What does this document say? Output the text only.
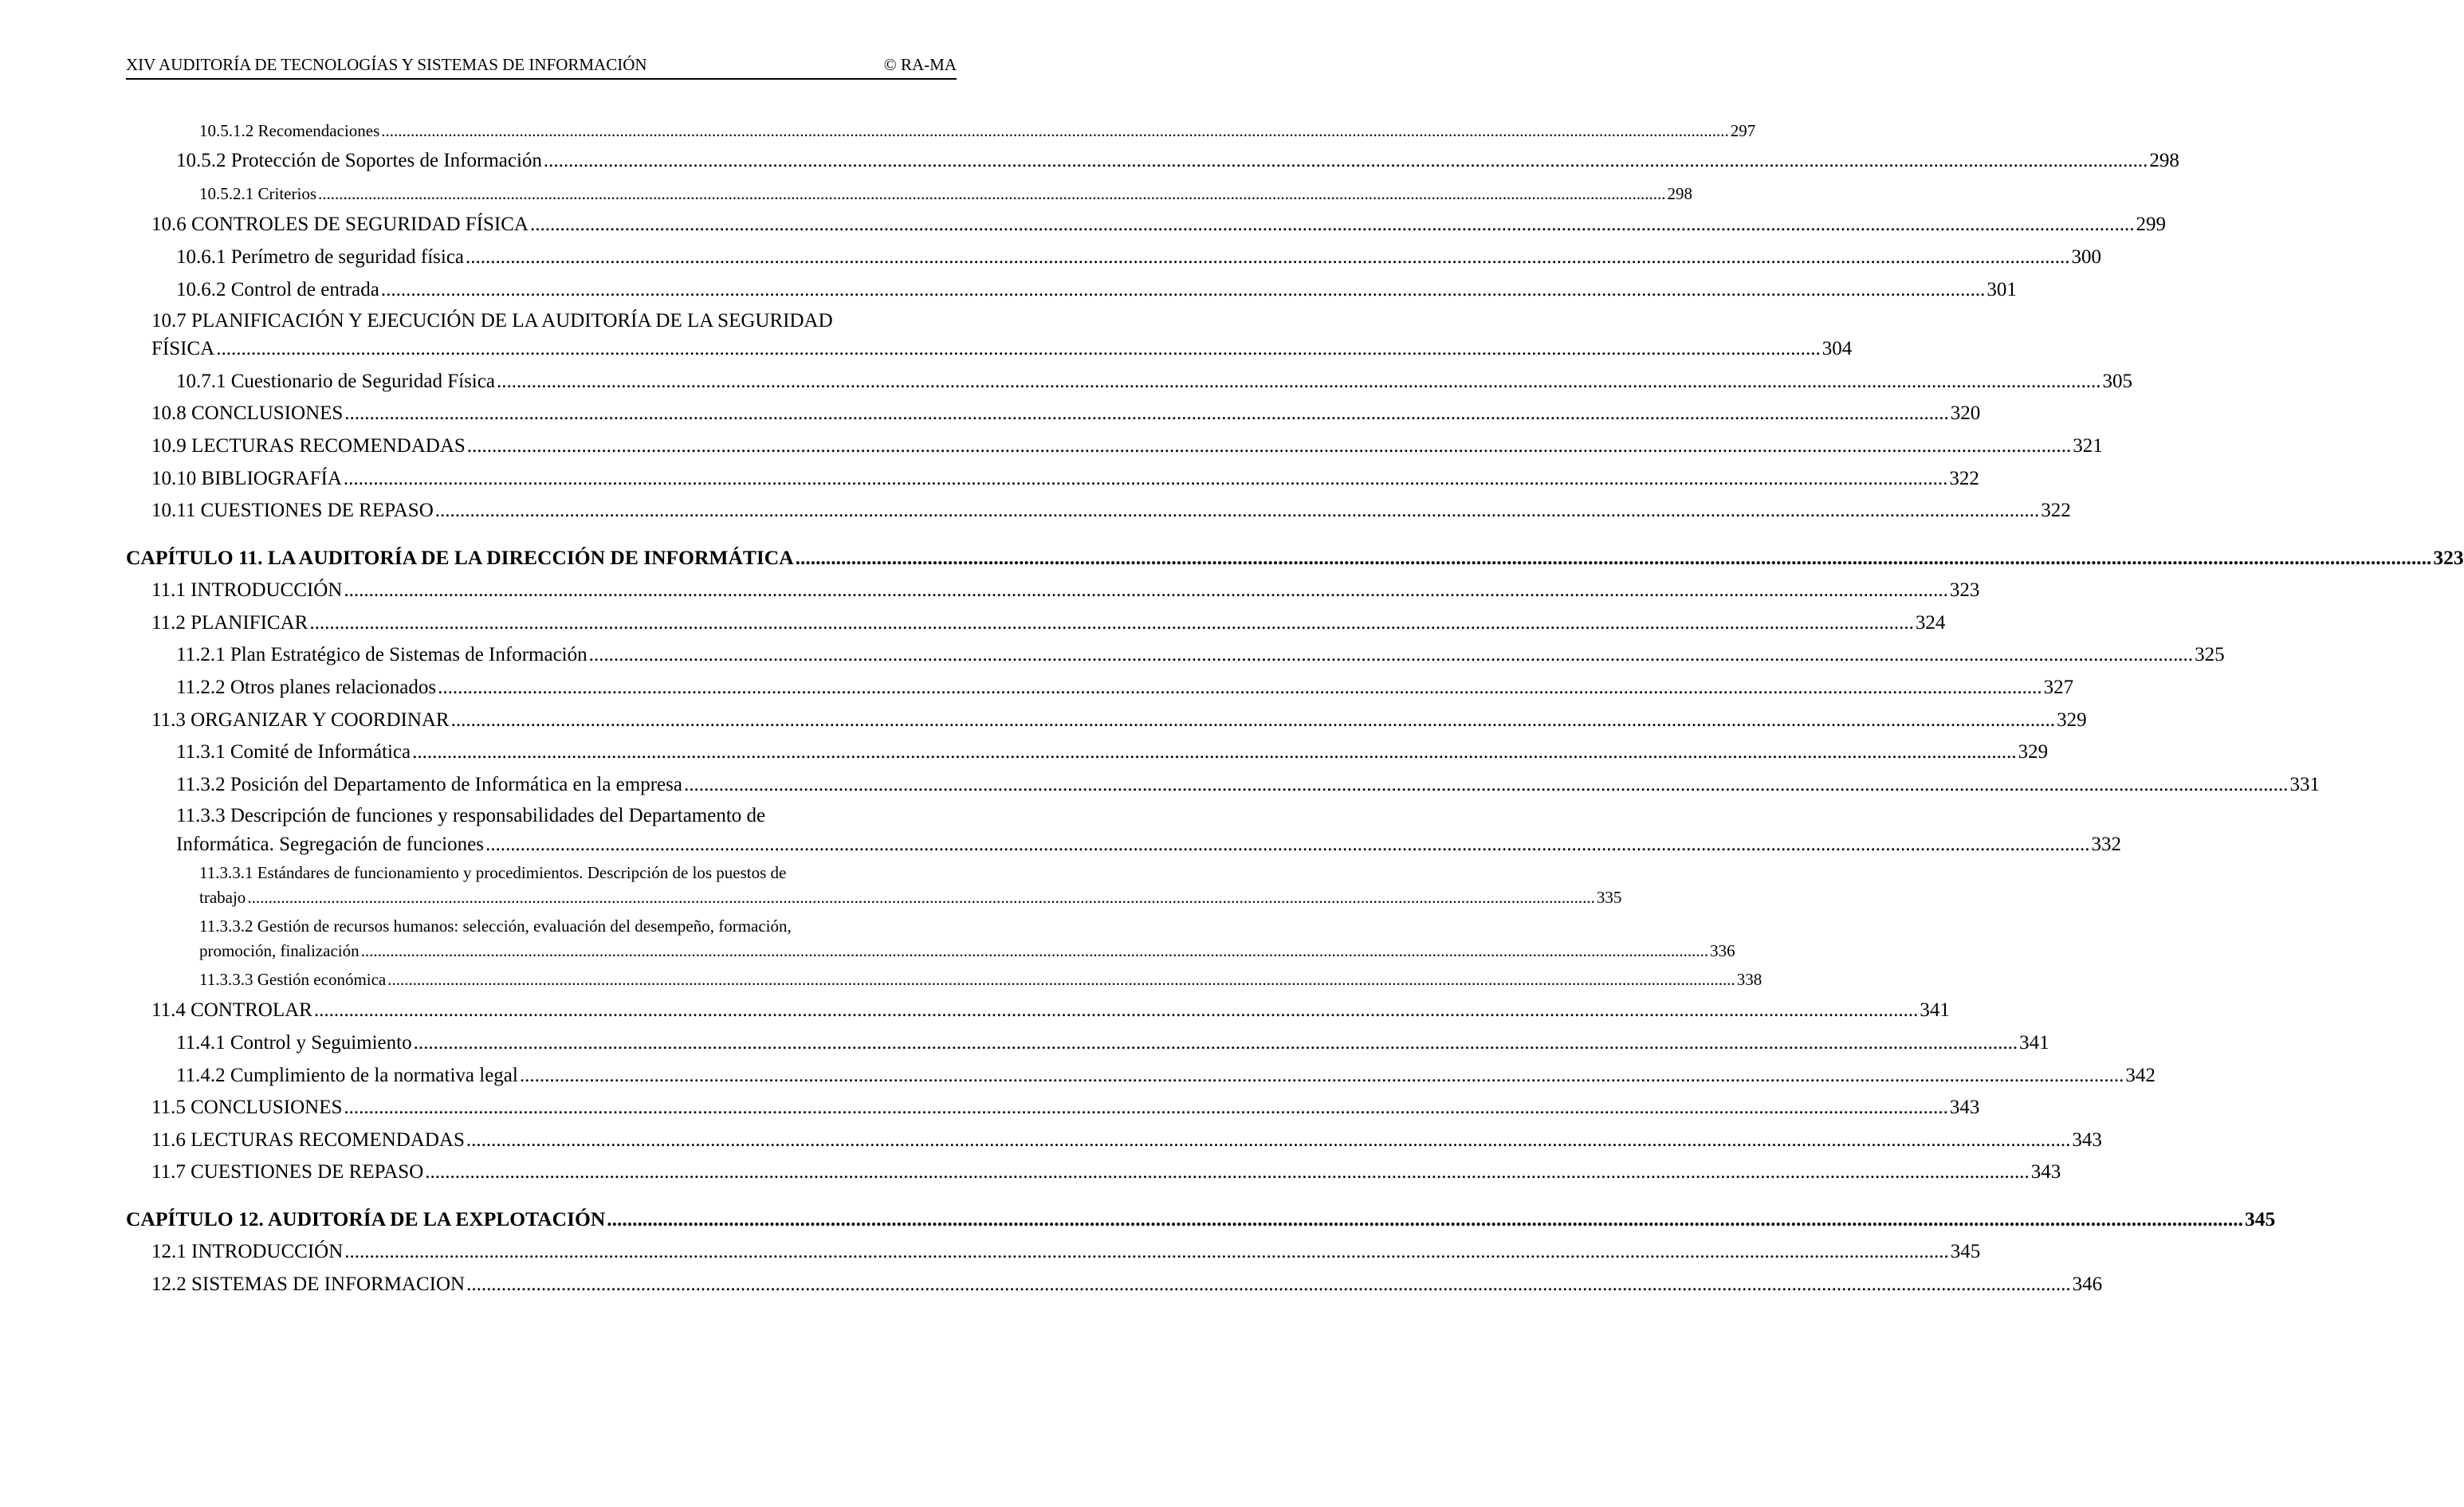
XIV AUDITORÍA DE TECNOLOGÍAS Y SISTEMAS DE INFORMACIÓN	© RA-MA
10.5.1.2 Recomendaciones .....	297
10.5.2 Protección de Soportes de Información .....	298
10.5.2.1 Criterios .....	298
10.6 CONTROLES DE SEGURIDAD FÍSICA .....	299
10.6.1 Perímetro de seguridad física .....	300
10.6.2 Control de entrada .....	301
10.7 PLANIFICACIÓN Y EJECUCIÓN DE LA AUDITORÍA DE LA SEGURIDAD
FÍSICA .....	304
10.7.1 Cuestionario de Seguridad Física .....	305
10.8 CONCLUSIONES .....	320
10.9 LECTURAS RECOMENDADAS .....	321
10.10 BIBLIOGRAFÍA .....	322
10.11 CUESTIONES DE REPASO .....	322
CAPÍTULO 11. LA AUDITORÍA DE LA DIRECCIÓN DE INFORMÁTICA .....	323
11.1 INTRODUCCIÓN .....	323
11.2 PLANIFICAR .....	324
11.2.1 Plan Estratégico de Sistemas de Información .....	325
11.2.2 Otros planes relacionados .....	327
11.3 ORGANIZAR Y COORDINAR .....	329
11.3.1 Comité de Informática .....	329
11.3.2 Posición del Departamento de Informática en la empresa .....	331
11.3.3 Descripción de funciones y responsabilidades del Departamento de
Informática. Segregación de funciones .....	332
11.3.3.1 Estándares de funcionamiento y procedimientos. Descripción de los puestos de
trabajo .....	335
11.3.3.2 Gestión de recursos humanos: selección, evaluación del desempeño, formación,
promoción, finalización .....	336
11.3.3.3 Gestión económica .....	338
11.4 CONTROLAR .....	341
11.4.1 Control y Seguimiento .....	341
11.4.2 Cumplimiento de la normativa legal .....	342
11.5 CONCLUSIONES .....	343
11.6 LECTURAS RECOMENDADAS .....	343
11.7 CUESTIONES DE REPASO .....	343
CAPÍTULO 12. AUDITORÍA DE LA EXPLOTACIÓN .....	345
12.1 INTRODUCCIÓN .....	345
12.2 SISTEMAS DE INFORMACION .....	346
